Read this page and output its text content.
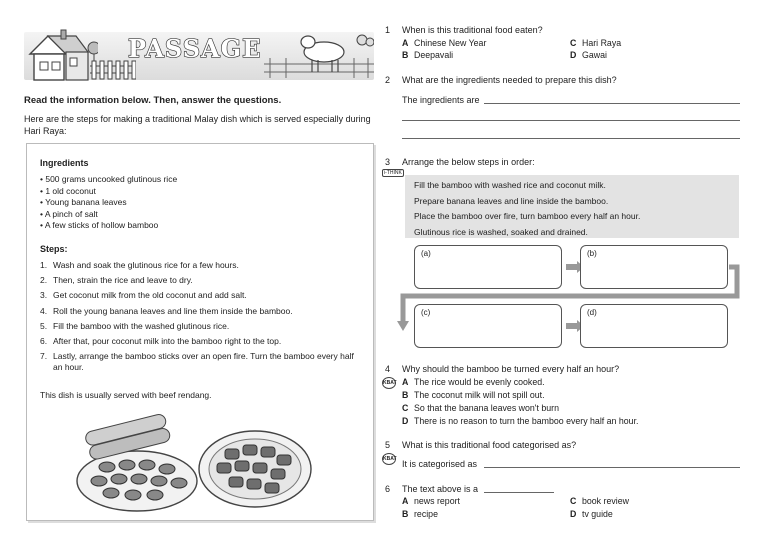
PASSAGE
Read the information below. Then, answer the questions.
Here are the steps for making a traditional Malay dish which is served especially during Hari Raya:
Ingredients
• 500 grams uncooked glutinous rice
• 1 old coconut
• Young banana leaves
• A pinch of salt
• A few sticks of hollow bamboo
Steps:
1. Wash and soak the glutinous rice for a few hours.
2. Then, strain the rice and leave to dry.
3. Get coconut milk from the old coconut and add salt.
4. Roll the young banana leaves and line them inside the bamboo.
5. Fill the bamboo with the washed glutinous rice.
6. After that, pour coconut milk into the bamboo right to the top.
7. Lastly, arrange the bamboo sticks over an open fire. Turn the bamboo every half an hour.
This dish is usually served with beef rendang.
1 When is this traditional food eaten?
A Chinese New Year	C Hari Raya
B Deepavali	D Gawai
2 What are the ingredients needed to prepare this dish?
The ingredients are
3
i-THINK
Arrange the below steps in order:
Fill the bamboo with washed rice and coconut milk.
Prepare banana leaves and line inside the bamboo.
Place the bamboo over fire, turn bamboo every half an hour.
Glutinous rice is washed, soaked and drained.
(a)	(b)
(c)	(d)
4
KBAT
Why should the bamboo be turned every half an hour?
A The rice would be evenly cooked.
B The coconut milk will not spill out.
C So that the banana leaves won't burn
D There is no reason to turn the bamboo every half an hour.
5
KBAT
What is this traditional food categorised as?
It is categorised as
6 The text above is a
A news report	C book review
B recipe	D tv guide
